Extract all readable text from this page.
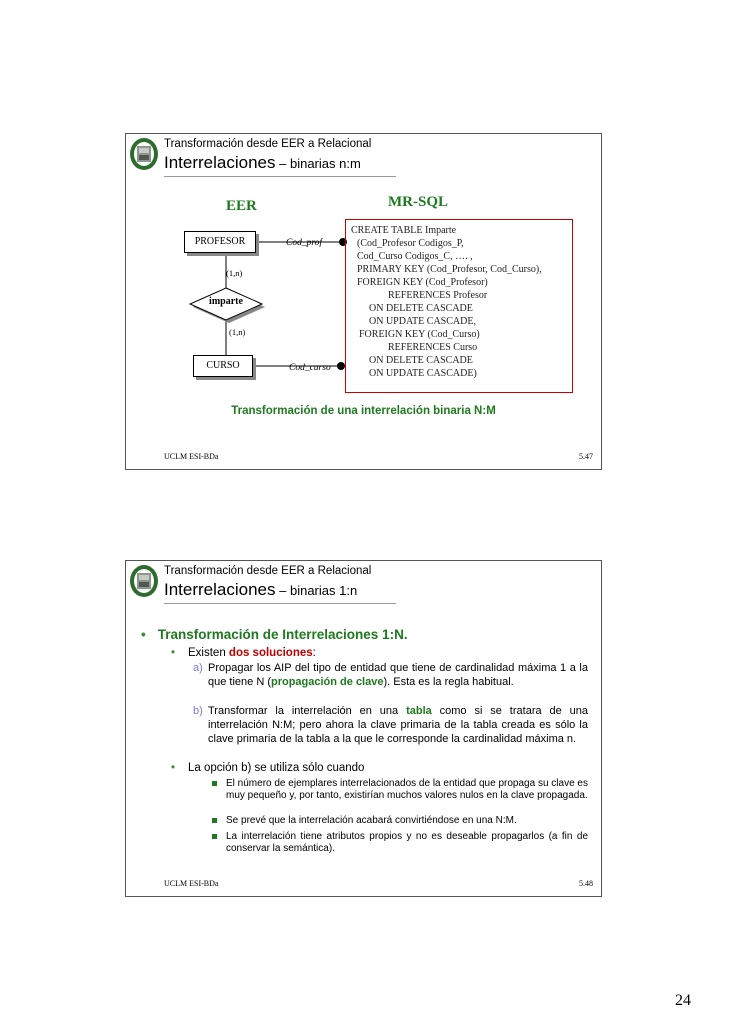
Transformación desde EER a Relacional
Interrelaciones – binarias n:m
EER	MR-SQL
PROFESOR
imparte
CURSO
(1,n)
(1,n)
Cod_prof
Cod_curso
CREATE TABLE Imparte
(Cod_Profesor Codigos_P,
Cod_Curso Codigos_C, …. ,
PRIMARY KEY (Cod_Profesor, Cod_Curso),
FOREIGN KEY (Cod_Profesor)
REFERENCES Profesor
ON DELETE CASCADE
ON UPDATE CASCADE,
FOREIGN KEY (Cod_Curso)
REFERENCES Curso
ON DELETE CASCADE
ON UPDATE CASCADE)
Transformación de una interrelación binaria N:M
UCLM ESI-BDa	5.47
Transformación desde EER a Relacional
Interrelaciones – binarias 1:n
• Transformación de Interrelaciones 1:N.
• Existen dos soluciones:
a) Propagar los AIP del tipo de entidad que tiene de cardinalidad máxima 1 a la que tiene N (propagación de clave). Esta es la regla habitual.
b) Transformar la interrelación en una tabla como si se tratara de una interrelación N:M; pero ahora la clave primaria de la tabla creada es sólo la clave primaria de la tabla a la que le corresponde la cardinalidad máxima n.
• La opción b) se utiliza sólo cuando
El número de ejemplares interrelacionados de la entidad que propaga su clave es muy pequeño y, por tanto, existirían muchos valores nulos en la clave propagada.
Se prevé que la interrelación acabará convirtiéndose en una N:M.
La interrelación tiene atributos propios y no es deseable propagarlos (a fin de conservar la semántica).
UCLM ESI-BDa	5.48
24
